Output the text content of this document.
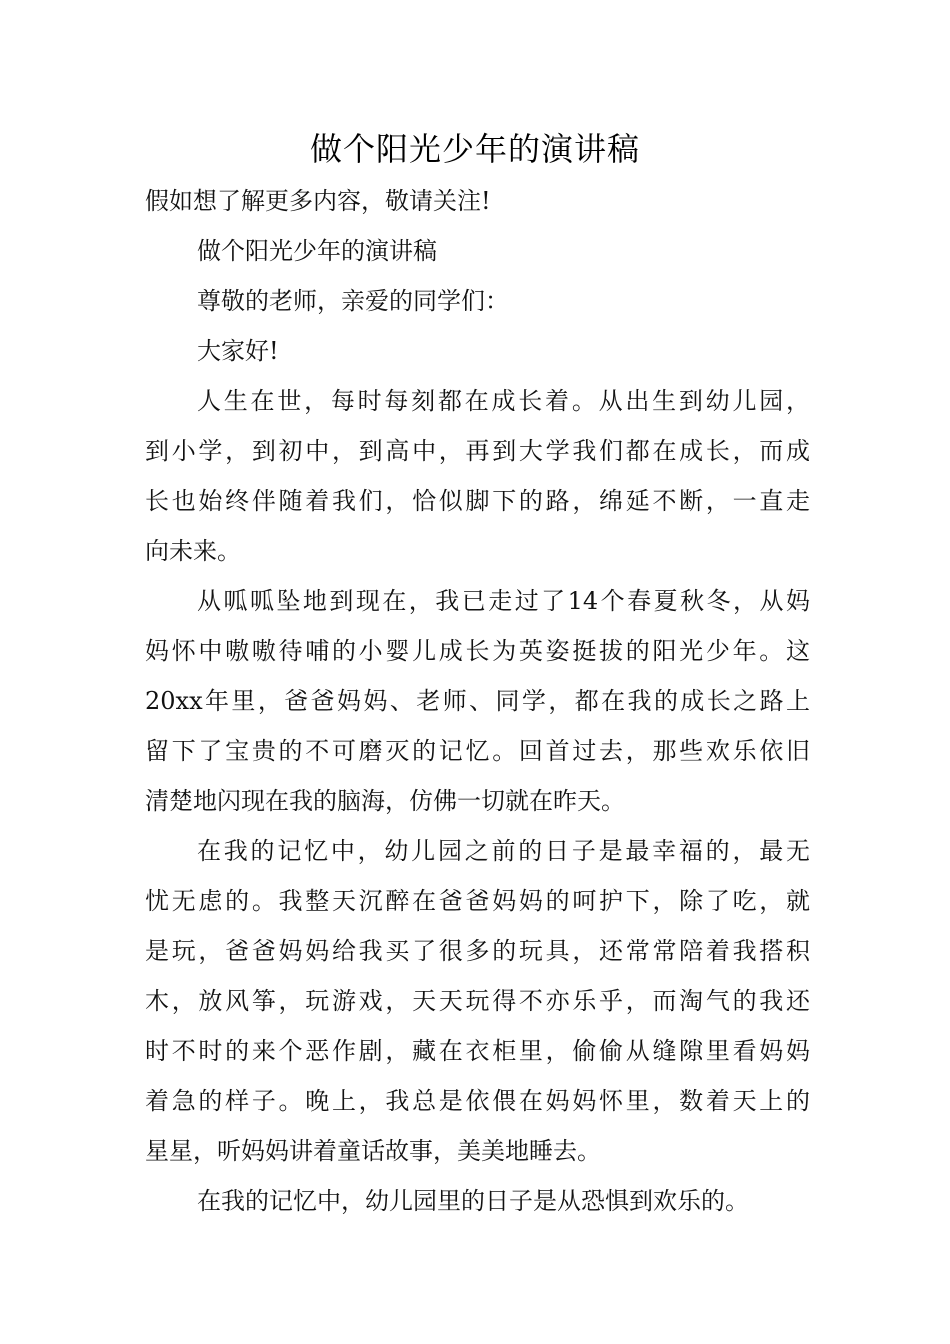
做个阳光少年的演讲稿
假如想了解更多内容，敬请关注!
做个阳光少年的演讲稿
尊敬的老师，亲爱的同学们：
大家好!
人生在世，每时每刻都在成长着。从出生到幼儿园，
到小学，到初中，到高中，再到大学我们都在成长，而成
长也始终伴随着我们，恰似脚下的路，绵延不断，一直走
向未来。
从呱呱坠地到现在，我已走过了14个春夏秋冬，从妈
妈怀中嗷嗷待哺的小婴儿成长为英姿挺拔的阳光少年。这
20xx年里，爸爸妈妈、老师、同学，都在我的成长之路上
留下了宝贵的不可磨灭的记忆。回首过去，那些欢乐依旧
清楚地闪现在我的脑海，仿佛一切就在昨天。
在我的记忆中，幼儿园之前的日子是最幸福的，最无
忧无虑的。我整天沉醉在爸爸妈妈的呵护下，除了吃，就
是玩，爸爸妈妈给我买了很多的玩具，还常常陪着我搭积
木，放风筝，玩游戏，天天玩得不亦乐乎，而淘气的我还
时不时的来个恶作剧，藏在衣柜里，偷偷从缝隙里看妈妈
着急的样子。晚上，我总是依偎在妈妈怀里，数着天上的
星星，听妈妈讲着童话故事，美美地睡去。
在我的记忆中，幼儿园里的日子是从恐惧到欢乐的。
